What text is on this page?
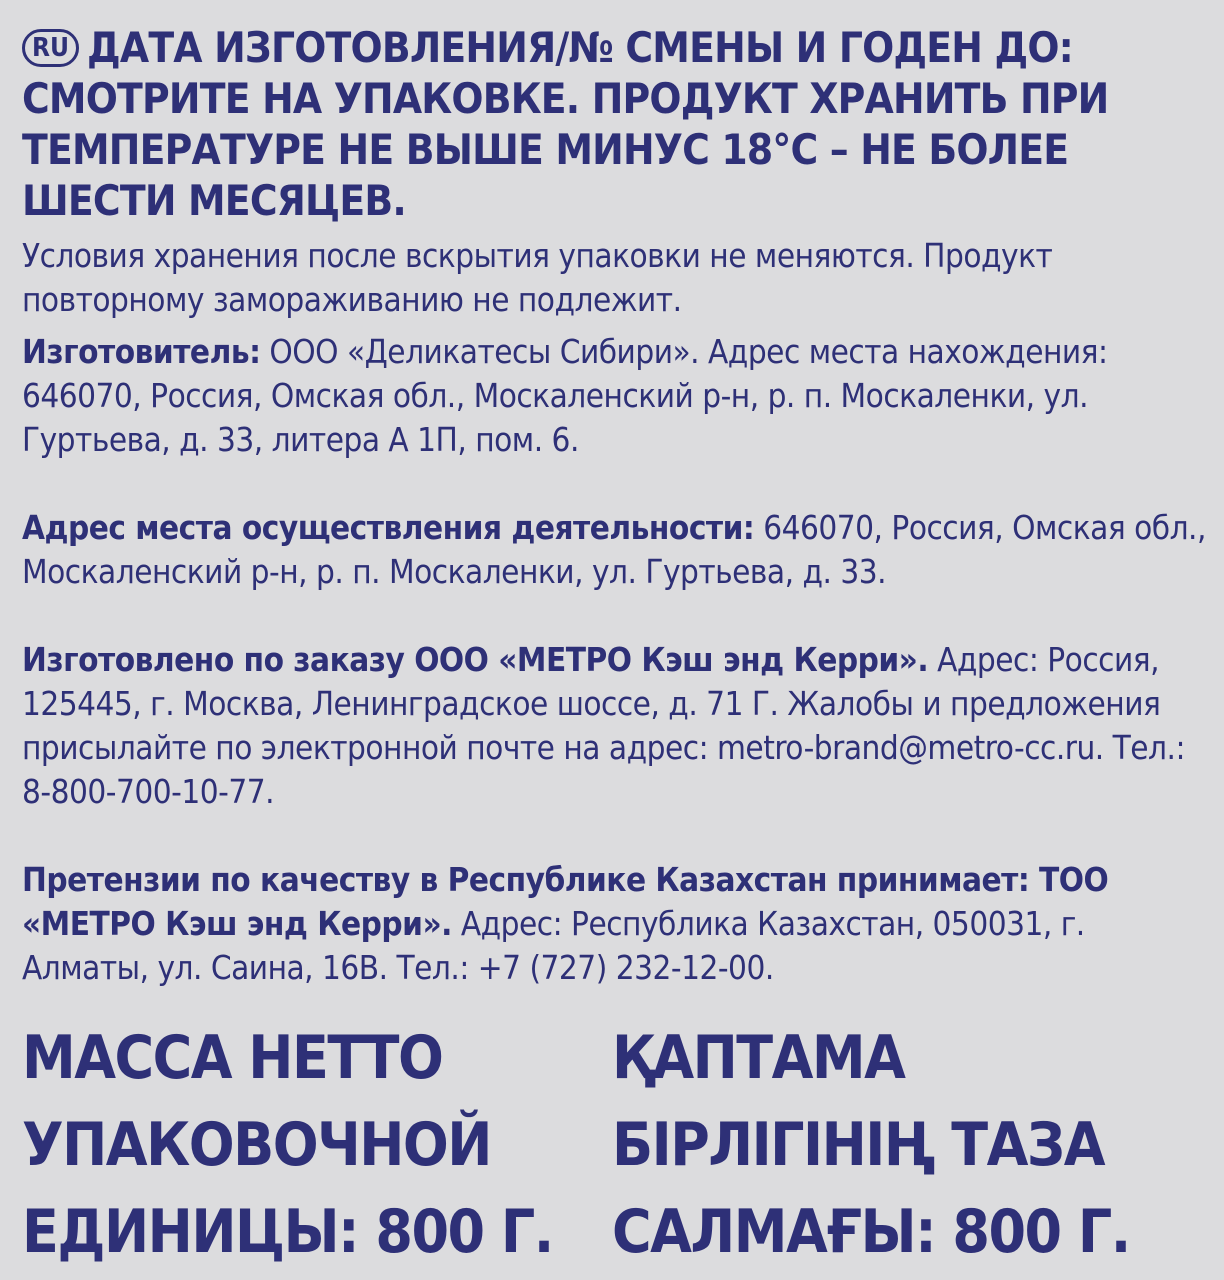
RU ДАТА ИЗГОТОВЛЕНИЯ/№ СМЕНЫ И ГОДЕН ДО: СМОТРИТЕ НА УПАКОВКЕ. ПРОДУКТ ХРАНИТЬ ПРИ ТЕМПЕРАТУРЕ НЕ ВЫШЕ МИНУС 18°С – НЕ БОЛЕЕ ШЕСТИ МЕСЯЦЕВ.

Условия хранения после вскрытия упаковки не меняются. Продукт повторному замораживанию не подлежит.

Изготовитель: ООО «Деликатесы Сибири». Адрес места нахождения: 646070, Россия, Омская обл., Москаленский р-н, р. п. Москаленки, ул. Гуртьева, д. 33, литера А 1П, пом. 6.

Адрес места осуществления деятельности: 646070, Россия, Омская обл., Москаленский р-н, р. п. Москаленки, ул. Гуртьева, д. 33.

Изготовлено по заказу ООО «МЕТРО Кэш энд Керри». Адрес: Россия, 125445, г. Москва, Ленинградское шоссе, д. 71 Г. Жалобы и предложения присылайте по электронной почте на адрес: metro-brand@metro-cc.ru. Тел.: 8-800-700-10-77.

Претензии по качеству в Республике Казахстан принимает: ТОО «МЕТРО Кэш энд Керри». Адрес: Республика Казахстан, 050031, г. Алматы, ул. Саина, 16В. Тел.: +7 (727) 232-12-00.

МАССА НЕТТО
УПАКОВОЧНОЙ
ЕДИНИЦЫ: 800 Г.
ҚАПТАМА
БІРЛІГІНІҢ ТАЗА
САЛМАҒЫ: 800 Г.
